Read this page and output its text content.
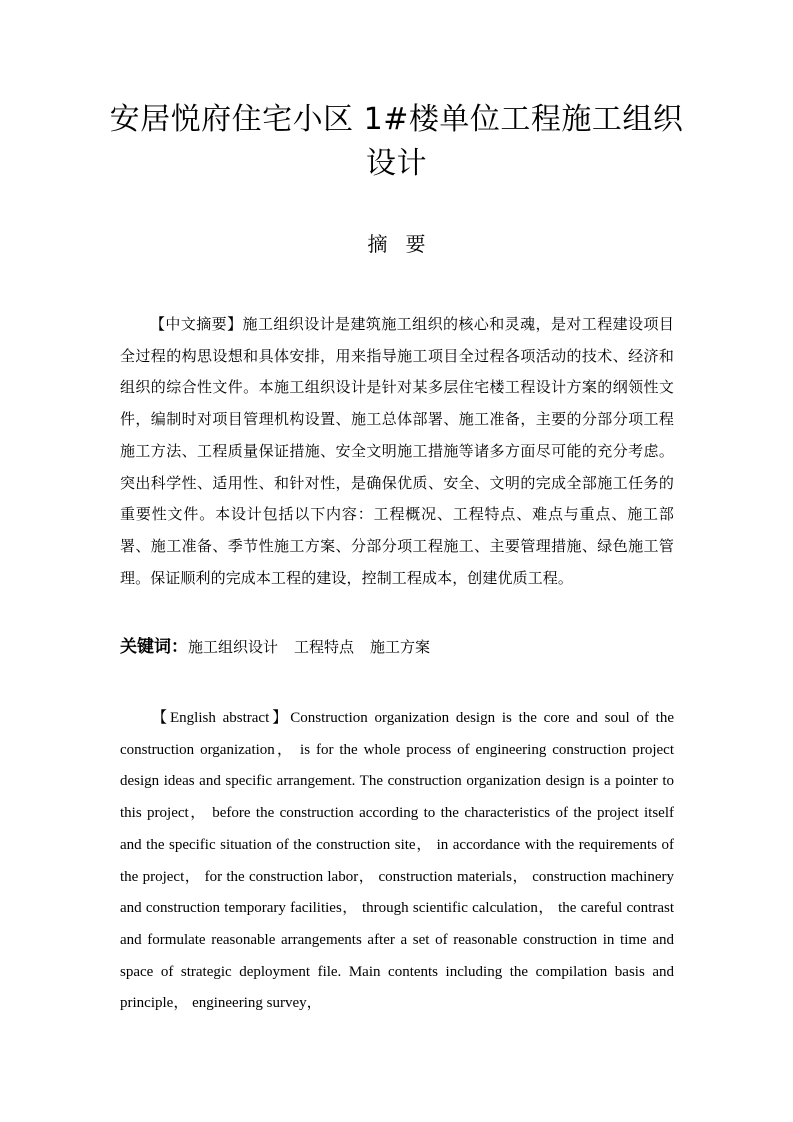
安居悦府住宅小区 1#楼单位工程施工组织设计
摘要

【中文摘要】施工组织设计是建筑施工组织的核心和灵魂，是对工程建设项目全过程的构思设想和具体安排，用来指导施工项目全过程各项活动的技术、经济和组织的综合性文件。本施工组织设计是针对某多层住宅楼工程设计方案的纲领性文件，编制时对项目管理机构设置、施工总体部署、施工准备，主要的分部分项工程施工方法、工程质量保证措施、安全文明施工措施等诸多方面尽可能的充分考虑。突出科学性、适用性、和针对性，是确保优质、安全、文明的完成全部施工任务的重要性文件。本设计包括以下内容：工程概况、工程特点、难点与重点、施工部署、施工准备、季节性施工方案、分部分项工程施工、主要管理措施、绿色施工管理。保证顺利的完成本工程的建设，控制工程成本，创建优质工程。

关键词：施工组织设计 工程特点 施工方案

【English abstract】Construction organization design is the core and soul of the construction organization， is for the whole process of engineering construction project design ideas and specific arrangement. The construction organization design is a pointer to this project， before the construction according to the characteristics of the project itself and the specific situation of the construction site， in accordance with the requirements of the project， for the construction labor， construction materials， construction machinery and construction temporary facilities， through scientific calculation， the careful contrast and formulate reasonable arrangements after a set of reasonable construction in time and space of strategic deployment file. Main contents including the compilation basis and principle， engineering survey，
